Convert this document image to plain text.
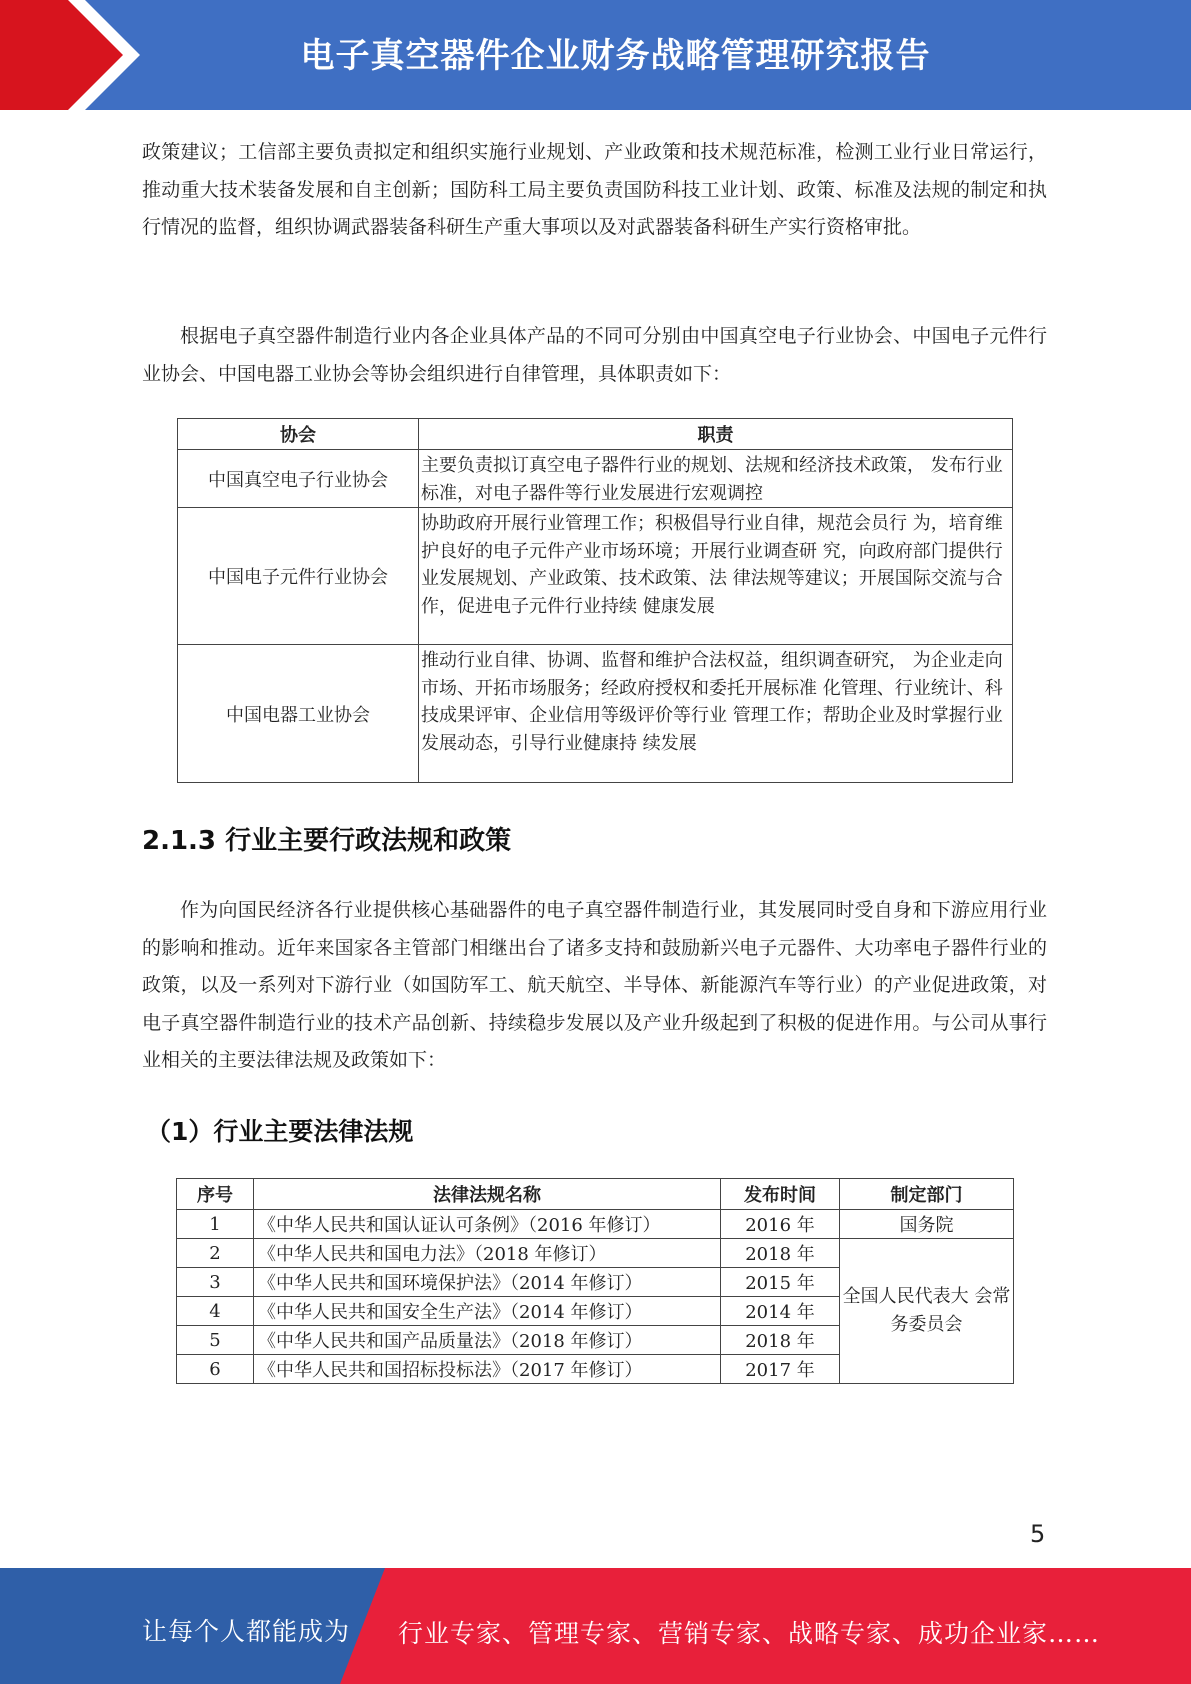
电子真空器件企业财务战略管理研究报告
政策建议；工信部主要负责拟定和组织实施行业规划、产业政策和技术规范标准，检测工业行业日常运行，推动重大技术装备发展和自主创新；国防科工局主要负责国防科技工业计划、政策、标准及法规的制定和执行情况的监督，组织协调武器装备科研生产重大事项以及对武器装备科研生产实行资格审批。
根据电子真空器件制造行业内各企业具体产品的不同可分别由中国真空电子行业协会、中国电子元件行业协会、中国电器工业协会等协会组织进行自律管理，具体职责如下：
协会	职责
中国真空电子行业协会	主要负责拟订真空电子器件行业的规划、法规和经济技术政策， 发布行业标准，对电子器件等行业发展进行宏观调控
中国电子元件行业协会	协助政府开展行业管理工作；积极倡导行业自律，规范会员行 为，培育维护良好的电子元件产业市场环境；开展行业调查研 究，向政府部门提供行业发展规划、产业政策、技术政策、法 律法规等建议；开展国际交流与合作，促进电子元件行业持续 健康发展
中国电器工业协会	推动行业自律、协调、监督和维护合法权益，组织调查研究， 为企业走向市场、开拓市场服务；经政府授权和委托开展标准 化管理、行业统计、科技成果评审、企业信用等级评价等行业 管理工作；帮助企业及时掌握行业发展动态，引导行业健康持 续发展
2.1.3 行业主要行政法规和政策
作为向国民经济各行业提供核心基础器件的电子真空器件制造行业，其发展同时受自身和下游应用行业的影响和推动。近年来国家各主管部门相继出台了诸多支持和鼓励新兴电子元器件、大功率电子器件行业的政策，以及一系列对下游行业（如国防军工、航天航空、半导体、新能源汽车等行业）的产业促进政策，对电子真空器件制造行业的技术产品创新、持续稳步发展以及产业升级起到了积极的促进作用。与公司从事行业相关的主要法律法规及政策如下：
（1）行业主要法律法规
序号	法律法规名称	发布时间	制定部门
1	《中华人民共和国认证认可条例》（2016 年修订）	2016 年	国务院
2	《中华人民共和国电力法》（2018 年修订）	2018 年	全国人民代表大 会常务委员会
3	《中华人民共和国环境保护法》（2014 年修订）	2015 年	
4	《中华人民共和国安全生产法》（2014 年修订）	2014 年	
5	《中华人民共和国产品质量法》（2018 年修订）	2018 年	
6	《中华人民共和国招标投标法》（2017 年修订）	2017 年	
5
让每个人都能成为 行业专家、管理专家、营销专家、战略专家、成功企业家……
